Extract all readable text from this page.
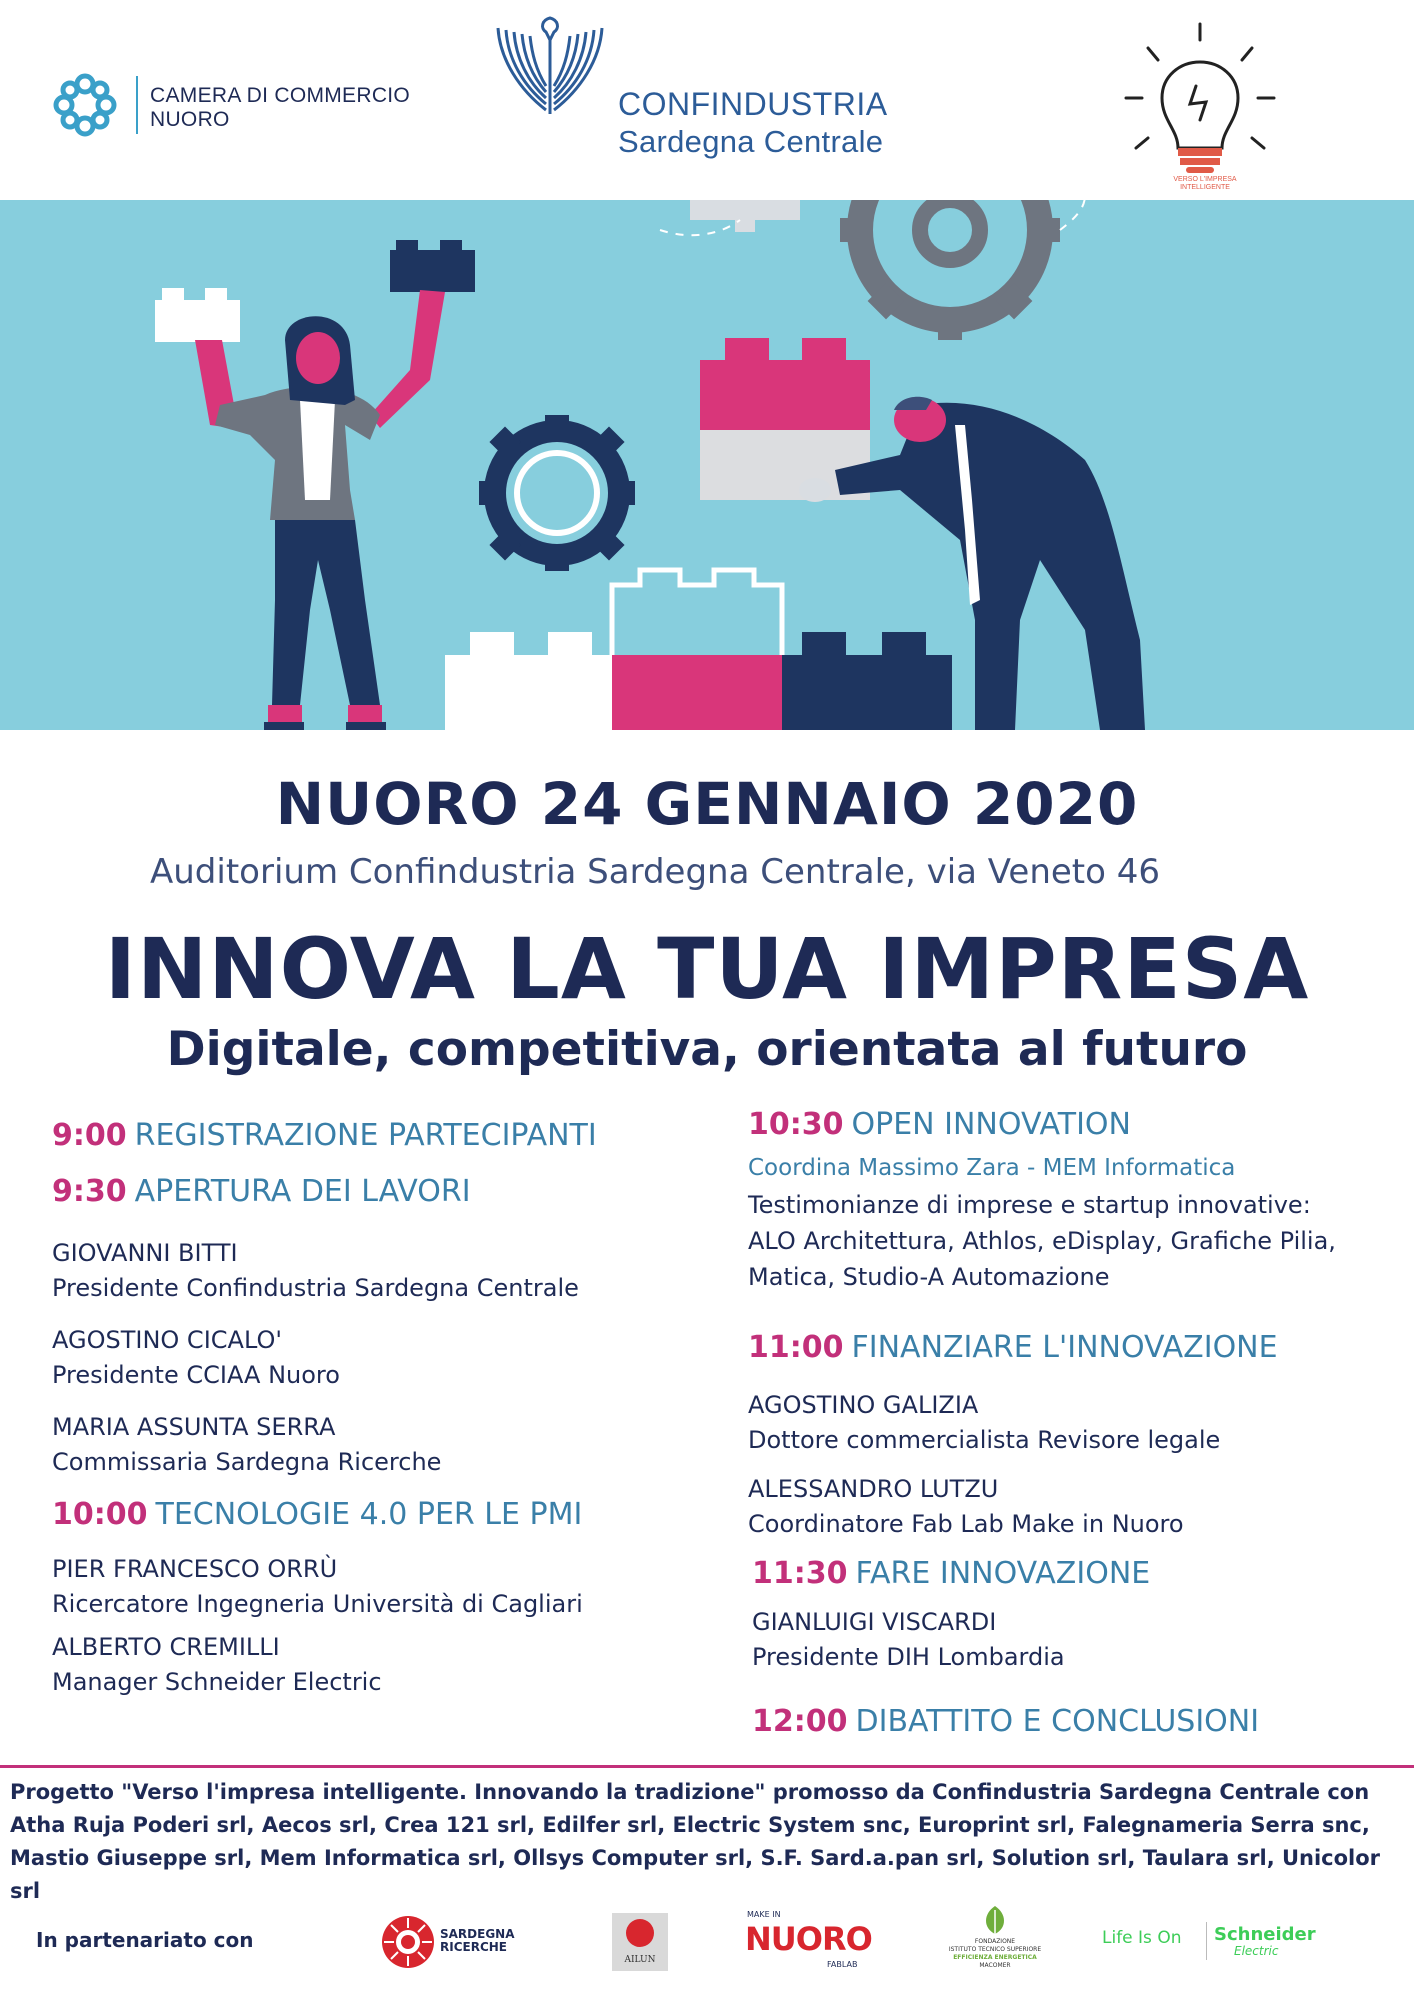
CAMERA DI COMMERCIO
NUORO	CONFINDUSTRIA
Sardegna Centrale
VERSO L'IMPRESA INTELLIGENTE
NUORO 24 GENNAIO 2020
Auditorium Confindustria Sardegna Centrale, via Veneto 46
INNOVA LA TUA IMPRESA
Digitale, competitiva, orientata al futuro
9:00 REGISTRAZIONE PARTECIPANTI
9:30 APERTURA DEI LAVORI
GIOVANNI BITTI
Presidente Confindustria Sardegna Centrale
AGOSTINO CICALO'
Presidente CCIAA Nuoro
MARIA ASSUNTA SERRA
Commissaria Sardegna Ricerche
10:00 TECNOLOGIE 4.0 PER LE PMI
PIER FRANCESCO ORRÙ
Ricercatore Ingegneria Università di Cagliari
ALBERTO CREMILLI
Manager Schneider Electric
10:30 OPEN INNOVATION
Coordina Massimo Zara - MEM Informatica
Testimonianze di imprese e startup innovative:
ALO Architettura, Athlos, eDisplay, Grafiche Pilia,
Matica, Studio-A Automazione
11:00 FINANZIARE L'INNOVAZIONE
AGOSTINO GALIZIA
Dottore commercialista Revisore legale
ALESSANDRO LUTZU
Coordinatore Fab Lab Make in Nuoro
11:30 FARE INNOVAZIONE
GIANLUIGI VISCARDI
Presidente DIH Lombardia
12:00 DIBATTITO E CONCLUSIONI
Progetto "Verso l'impresa intelligente. Innovando la tradizione" promosso da Confindustria Sardegna Centrale con
Atha Ruja Poderi srl, Aecos srl, Crea 121 srl, Edilfer srl, Electric System snc, Europrint srl, Falegnameria Serra snc,
Mastio Giuseppe srl, Mem Informatica srl, Ollsys Computer srl, S.F. Sard.a.pan srl, Solution srl, Taulara srl, Unicolor srl
In partenariato con	SARDEGNA RICERCHE
AILUN
MAKE IN
NUORO
FABLAB
FONDAZIONE
ISTITUTO TECNICO SUPERIORE
EFFICIENZA ENERGETICA
MACOMER
Life Is On Schneider
Electric
